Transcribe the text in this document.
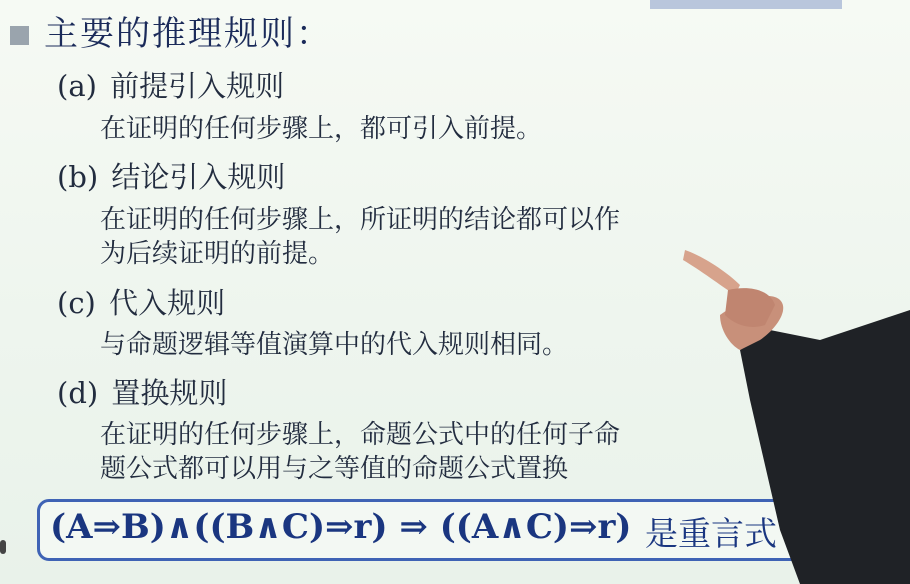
主要的推理规则：
(a) 前提引入规则
在证明的任何步骤上，都可引入前提。
(b) 结论引入规则
在证明的任何步骤上，所证明的结论都可以作
为后续证明的前提。
(c) 代入规则
与命题逻辑等值演算中的代入规则相同。
(d) 置换规则
在证明的任何步骤上，命题公式中的任何子命
题公式都可以用与之等值的命题公式置换
(A⇒B)∧((B∧C)⇒r) ⇒ ((A∧C)⇒r) 是重言式
